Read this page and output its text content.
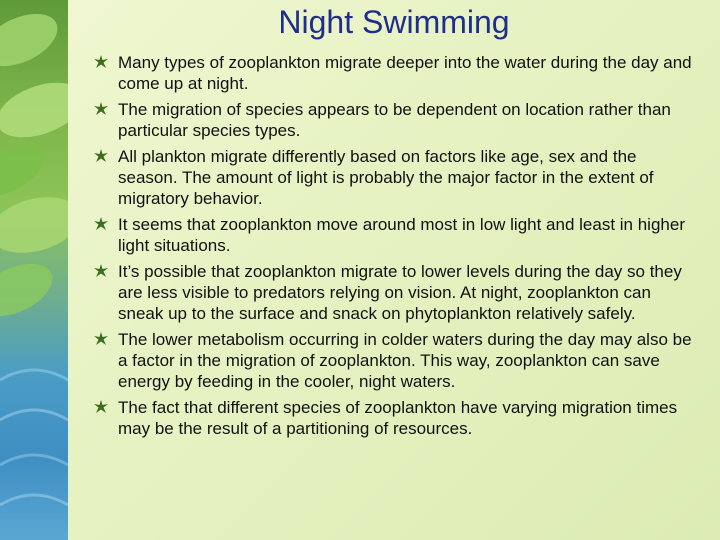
Night Swimming
Many types of zooplankton migrate deeper into the water during the day and come up at night.
The migration of species appears to be dependent on location rather than particular species types.
All plankton migrate differently based on factors like age, sex and the season. The amount of light is probably the major factor in the extent of migratory behavior.
It seems that zooplankton move around most in low light and least in higher light situations.
It’s possible that zooplankton migrate to lower levels during the day so they are less visible to predators relying on vision. At night, zooplankton can sneak up to the surface and snack on phytoplankton relatively safely.
The lower metabolism occurring in colder waters during the day may also be a factor in the migration of zooplankton. This way, zooplankton can save energy by feeding in the cooler, night waters.
The fact that different species of zooplankton have varying migration times may be the result of a partitioning of resources.
